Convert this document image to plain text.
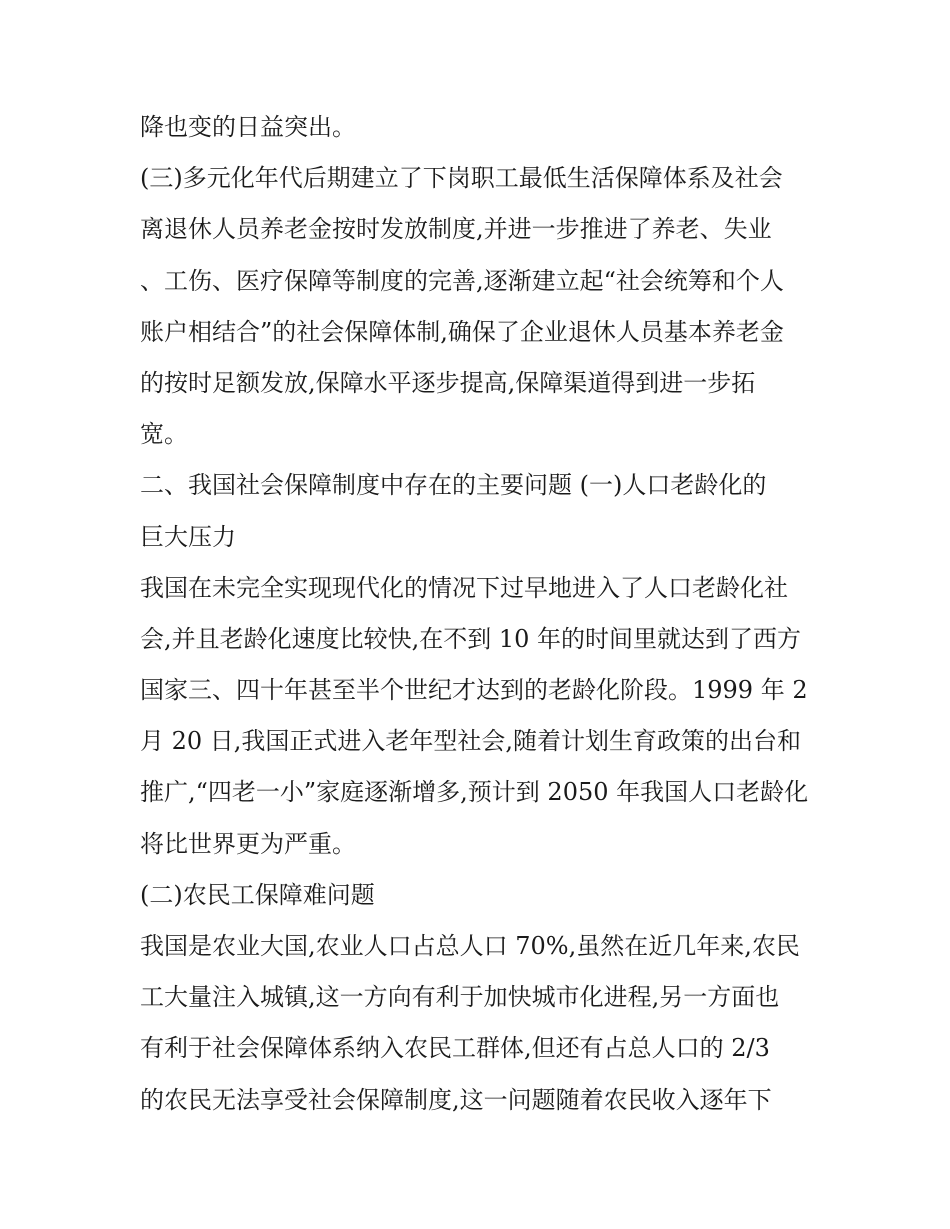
降也变的日益突出。
(三)多元化年代后期建立了下岗职工最低生活保障体系及社会
离退休人员养老金按时发放制度,并进一步推进了养老、失业
、工伤、医疗保障等制度的完善,逐渐建立起“社会统筹和个人
账户相结合”的社会保障体制,确保了企业退休人员基本养老金
的按时足额发放,保障水平逐步提高,保障渠道得到进一步拓
宽。
二、我国社会保障制度中存在的主要问题 (一)人口老龄化的
巨大压力
我国在未完全实现现代化的情况下过早地进入了人口老龄化社
会,并且老龄化速度比较快,在不到 10 年的时间里就达到了西方
国家三、四十年甚至半个世纪才达到的老龄化阶段。1999 年 2
月 20 日,我国正式进入老年型社会,随着计划生育政策的出台和
推广,“四老一小”家庭逐渐增多,预计到 2050 年我国人口老龄化
将比世界更为严重。
(二)农民工保障难问题
我国是农业大国,农业人口占总人口 70%,虽然在近几年来,农民
工大量注入城镇,这一方向有利于加快城市化进程,另一方面也
有利于社会保障体系纳入农民工群体,但还有占总人口的 2/3
的农民无法享受社会保障制度,这一问题随着农民收入逐年下
